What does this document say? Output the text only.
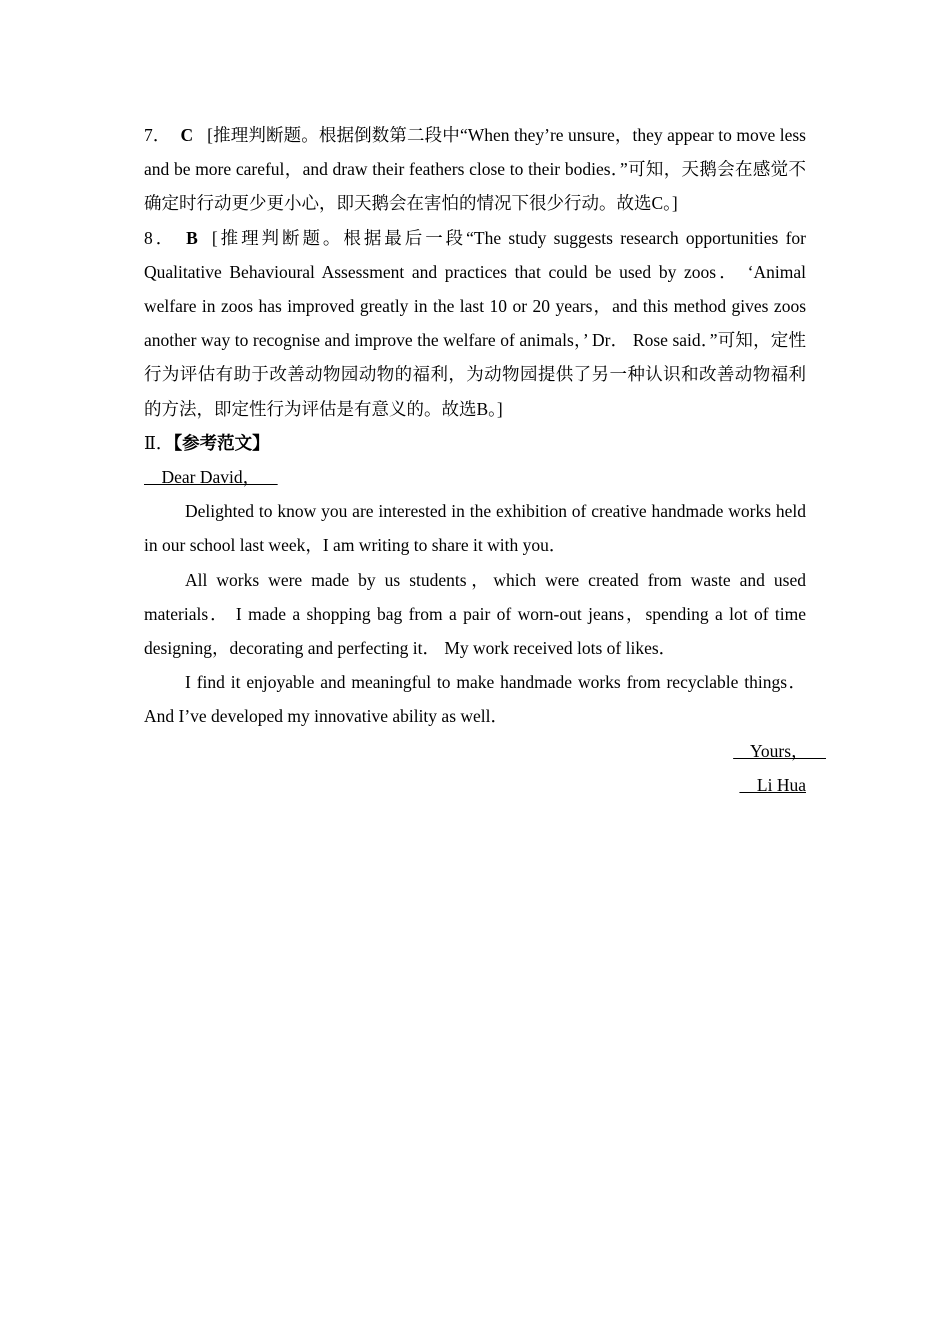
7． C [推理判断题。根据倒数第二段中“When they’re unsure，they appear to move less and be more careful，and draw their feathers close to their bodies．”可知，天鹅会在感觉不确定时行动更少更小心，即天鹅会在害怕的情况下很少行动。故选C。]

8． B [推理判断题。根据最后一段“The study suggests research opportunities for Qualitative Behavioural Assessment and practices that could be used by zoos． ‘Animal welfare in zoos has improved greatly in the last 10 or 20 years，and this method gives zoos another way to recognise and improve the welfare of animals，’ Dr． Rose said．”可知，定性行为评估有助于改善动物园动物的福利，为动物园提供了另一种认识和改善动物福利的方法，即定性行为评估是有意义的。故选B。]

Ⅱ．【参考范文】

Dear David，

Delighted to know you are interested in the exhibition of creative handmade works held in our school last week，I am writing to share it with you．

All works were made by us students，which were created from waste and used materials． I made a shopping bag from a pair of worn-out jeans，spending a lot of time designing，decorating and perfecting it． My work received lots of likes．

I find it enjoyable and meaningful to make handmade works from recyclable things． And I’ve developed my innovative ability as well．

Yours，

Li Hua
